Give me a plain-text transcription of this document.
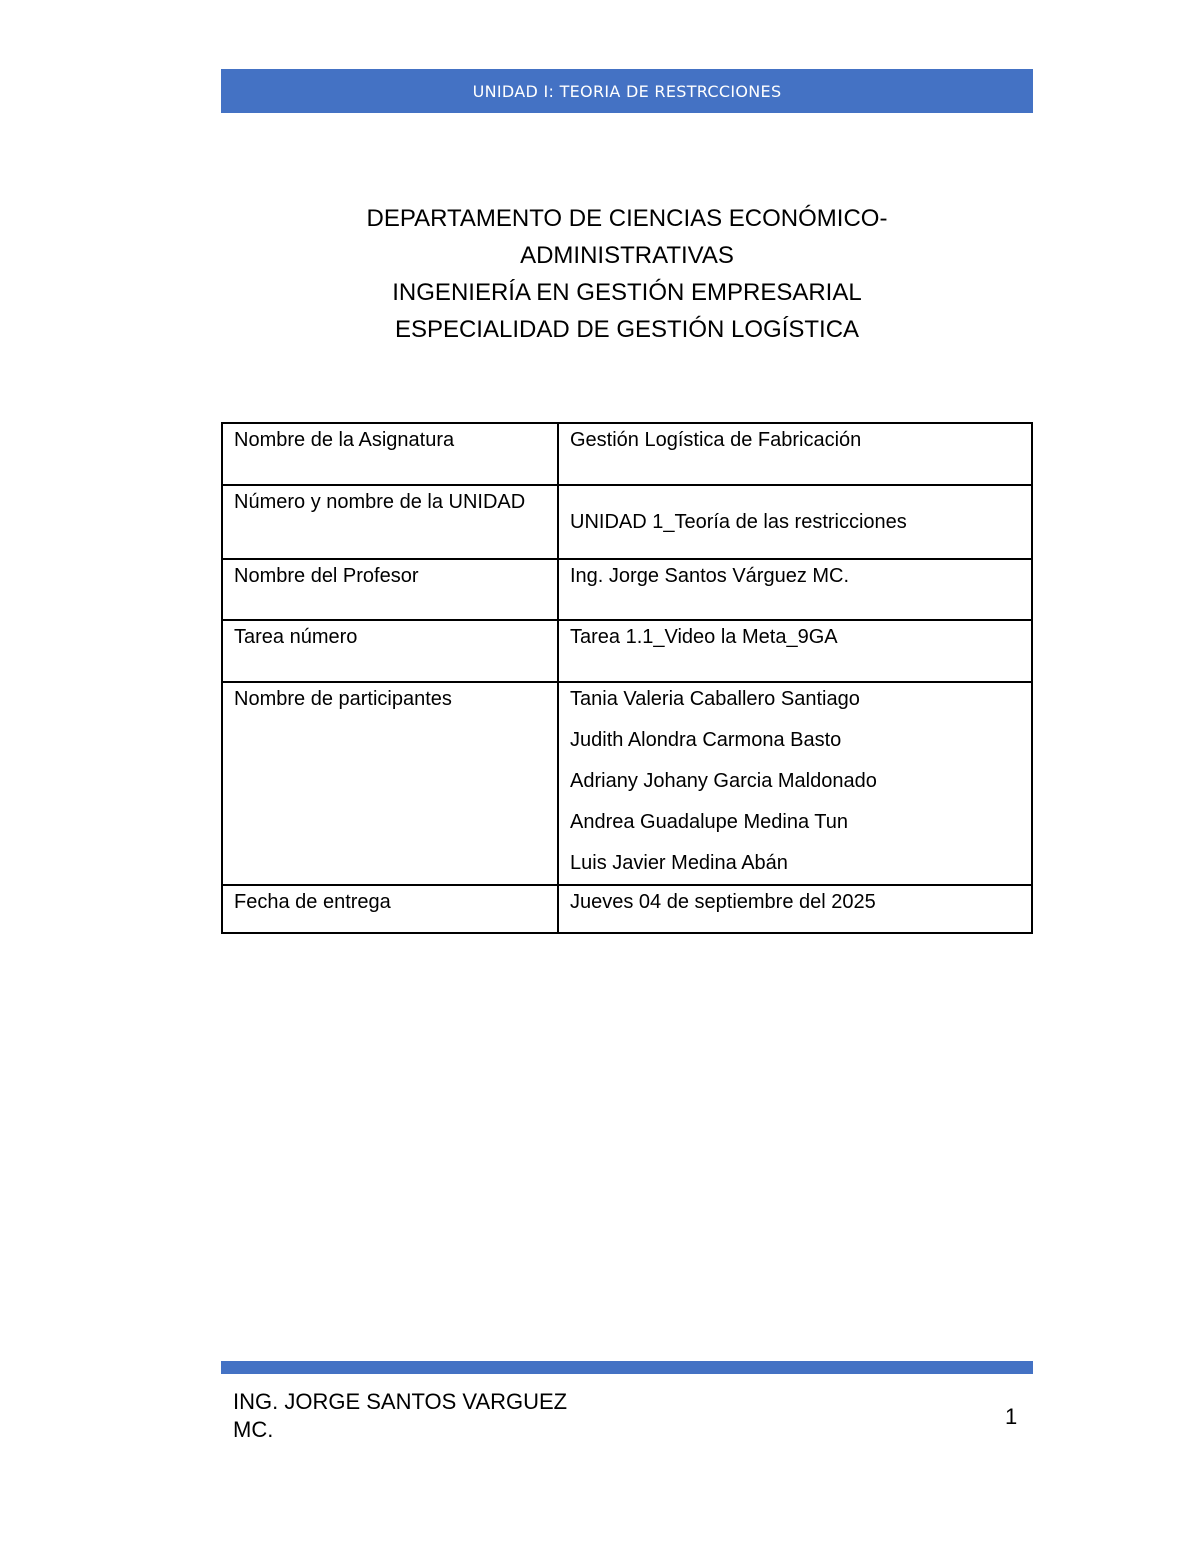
UNIDAD I: TEORIA DE RESTRCCIONES
DEPARTAMENTO DE CIENCIAS ECONÓMICO-
ADMINISTRATIVAS
INGENIERÍA EN GESTIÓN EMPRESARIAL
ESPECIALIDAD DE GESTIÓN LOGÍSTICA
Nombre de la Asignatura	Gestión Logística de Fabricación
Número y nombre de la UNIDAD	UNIDAD 1_Teoría de las restricciones
Nombre del Profesor	Ing. Jorge Santos Várguez MC.
Tarea número	Tarea 1.1_Video la Meta_9GA
Nombre de participantes	Tania Valeria Caballero Santiago
Judith Alondra Carmona Basto
Adriany Johany Garcia Maldonado
Andrea Guadalupe Medina Tun
Luis Javier Medina Abán

Fecha de entrega	Jueves 04 de septiembre del 2025
ING. JORGE SANTOS VARGUEZ
MC.
1
